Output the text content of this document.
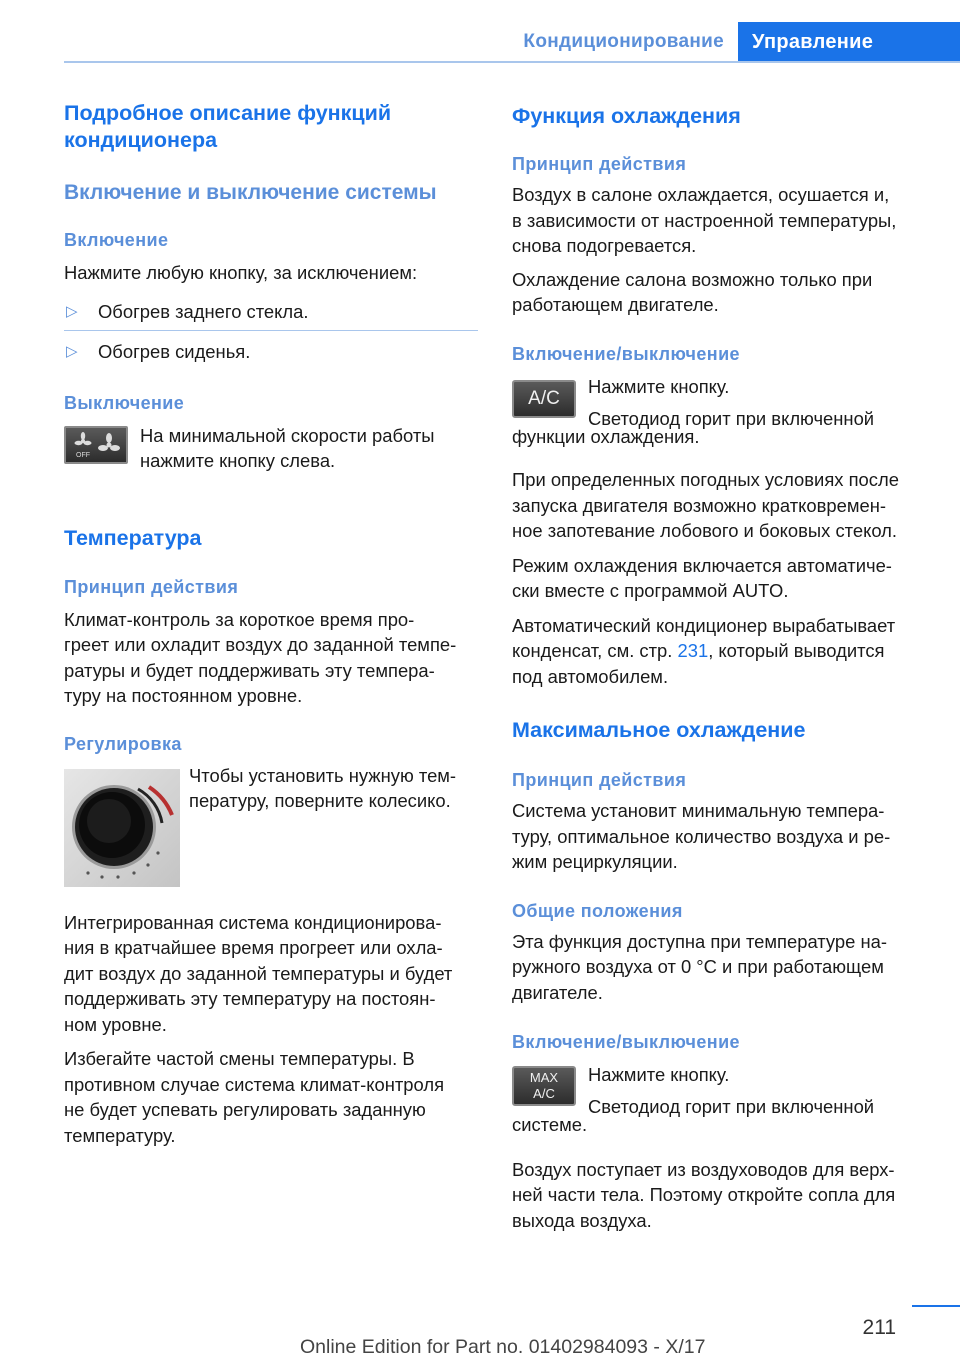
Кондиционирование	Управление
Подробное описание функций
кондиционера
Включение и выключение системы
Включение
Нажмите любую кнопку, за исключением:
▷ Обогрев заднего стекла.
▷ Обогрев сиденья.
Выключение
OFF
На минимальной скорости работы
нажмите кнопку слева.
Температура
Принцип действия
Климат-контроль за короткое время про-
греет или охладит воздух до заданной темпе-
ратуры и будет поддерживать эту темпера-
туру на постоянном уровне.
Регулировка
Чтобы установить нужную тем-
пературу, поверните колесико.
Интегрированная система кондиционирова-
ния в кратчайшее время прогреет или охла-
дит воздух до заданной температуры и будет
поддерживать эту температуру на постоян-
ном уровне.
Избегайте частой смены температуры. В
противном случае система климат-контроля
не будет успевать регулировать заданную
температуру.
Функция охлаждения
Принцип действия
Воздух в салоне охлаждается, осушается и,
в зависимости от настроенной температуры,
снова подогревается.
Охлаждение салона возможно только при
работающем двигателе.
Включение/выключение
A/C
Нажмите кнопку.
Светодиод горит при включенной
функции охлаждения.
При определенных погодных условиях после
запуска двигателя возможно кратковремен-
ное запотевание лобового и боковых стекол.
Режим охлаждения включается автоматиче-
ски вместе с программой AUTO.
Автоматический кондиционер вырабатывает
конденсат, см. стр. 231, который выводится
под автомобилем.
Максимальное охлаждение
Принцип действия
Система установит минимальную темпера-
туру, оптимальное количество воздуха и ре-
жим рециркуляции.
Общие положения
Эта функция доступна при температуре на-
ружного воздуха от 0 °C и при работающем
двигателе.
Включение/выключение
MAX
A/C
Нажмите кнопку.
Светодиод горит при включенной
системе.
Воздух поступает из воздуховодов для верх-
ней части тела. Поэтому откройте сопла для
выхода воздуха.
211
Online Edition for Part no. 01402984093 - X/17
